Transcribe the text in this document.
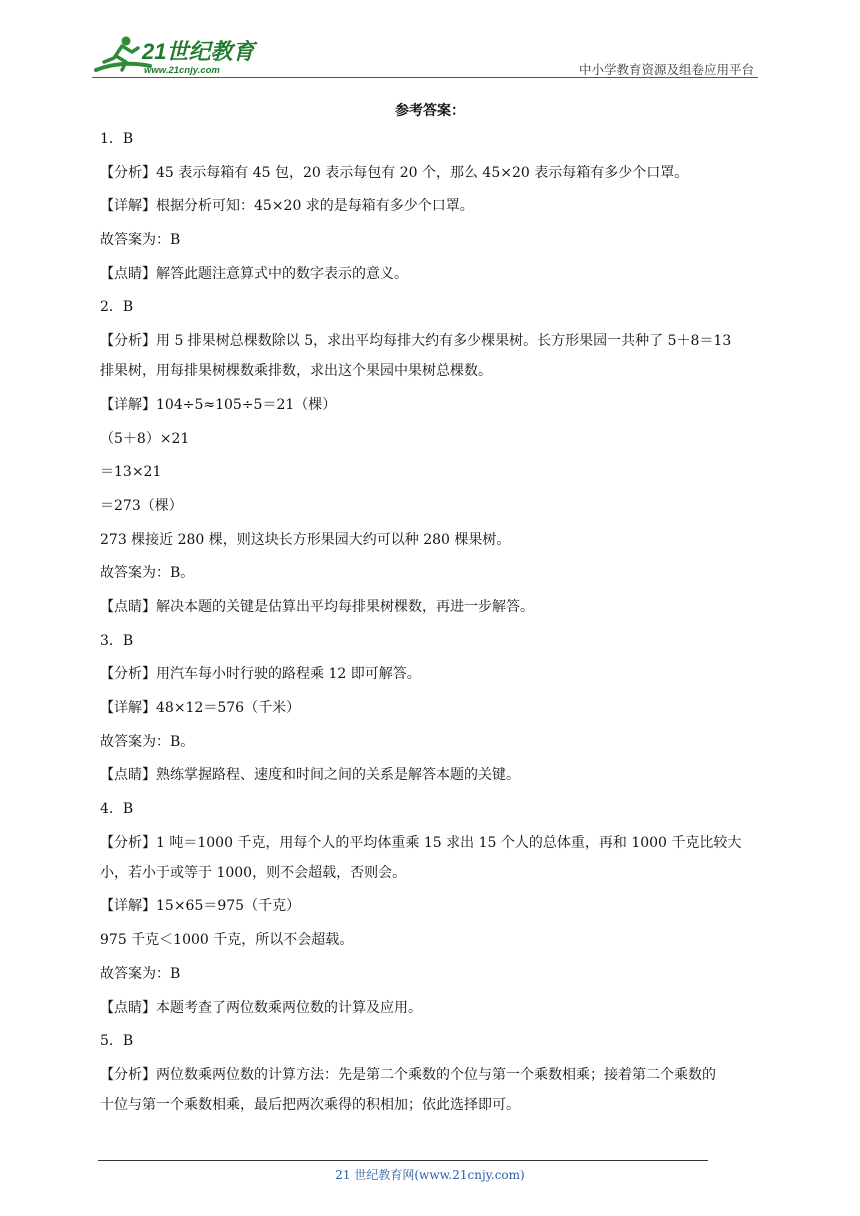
21世纪教育
www.21cnjy.com	中小学教育资源及组卷应用平台
参考答案：
1．B
【分析】45 表示每箱有 45 包，20 表示每包有 20 个，那么 45×20 表示每箱有多少个口罩。
【详解】根据分析可知：45×20 求的是每箱有多少个口罩。
故答案为：B
【点睛】解答此题注意算式中的数字表示的意义。
2．B
【分析】用 5 排果树总棵数除以 5，求出平均每排大约有多少棵果树。长方形果园一共种了 5＋8＝13
排果树，用每排果树棵数乘排数，求出这个果园中果树总棵数。
【详解】104÷5≈105÷5＝21（棵）
（5＋8）×21
＝13×21
＝273（棵）
273 棵接近 280 棵，则这块长方形果园大约可以种 280 棵果树。
故答案为：B。
【点睛】解决本题的关键是估算出平均每排果树棵数，再进一步解答。
3．B
【分析】用汽车每小时行驶的路程乘 12 即可解答。
【详解】48×12＝576（千米）
故答案为：B。
【点睛】熟练掌握路程、速度和时间之间的关系是解答本题的关键。
4．B
【分析】1 吨＝1000 千克，用每个人的平均体重乘 15 求出 15 个人的总体重，再和 1000 千克比较大
小，若小于或等于 1000，则不会超载，否则会。
【详解】15×65＝975（千克）
975 千克＜1000 千克，所以不会超载。
故答案为：B
【点睛】本题考查了两位数乘两位数的计算及应用。
5．B
【分析】两位数乘两位数的计算方法：先是第二个乘数的个位与第一个乘数相乘；接着第二个乘数的
十位与第一个乘数相乘，最后把两次乘得的积相加；依此选择即可。
21 世纪教育网(www.21cnjy.com)
